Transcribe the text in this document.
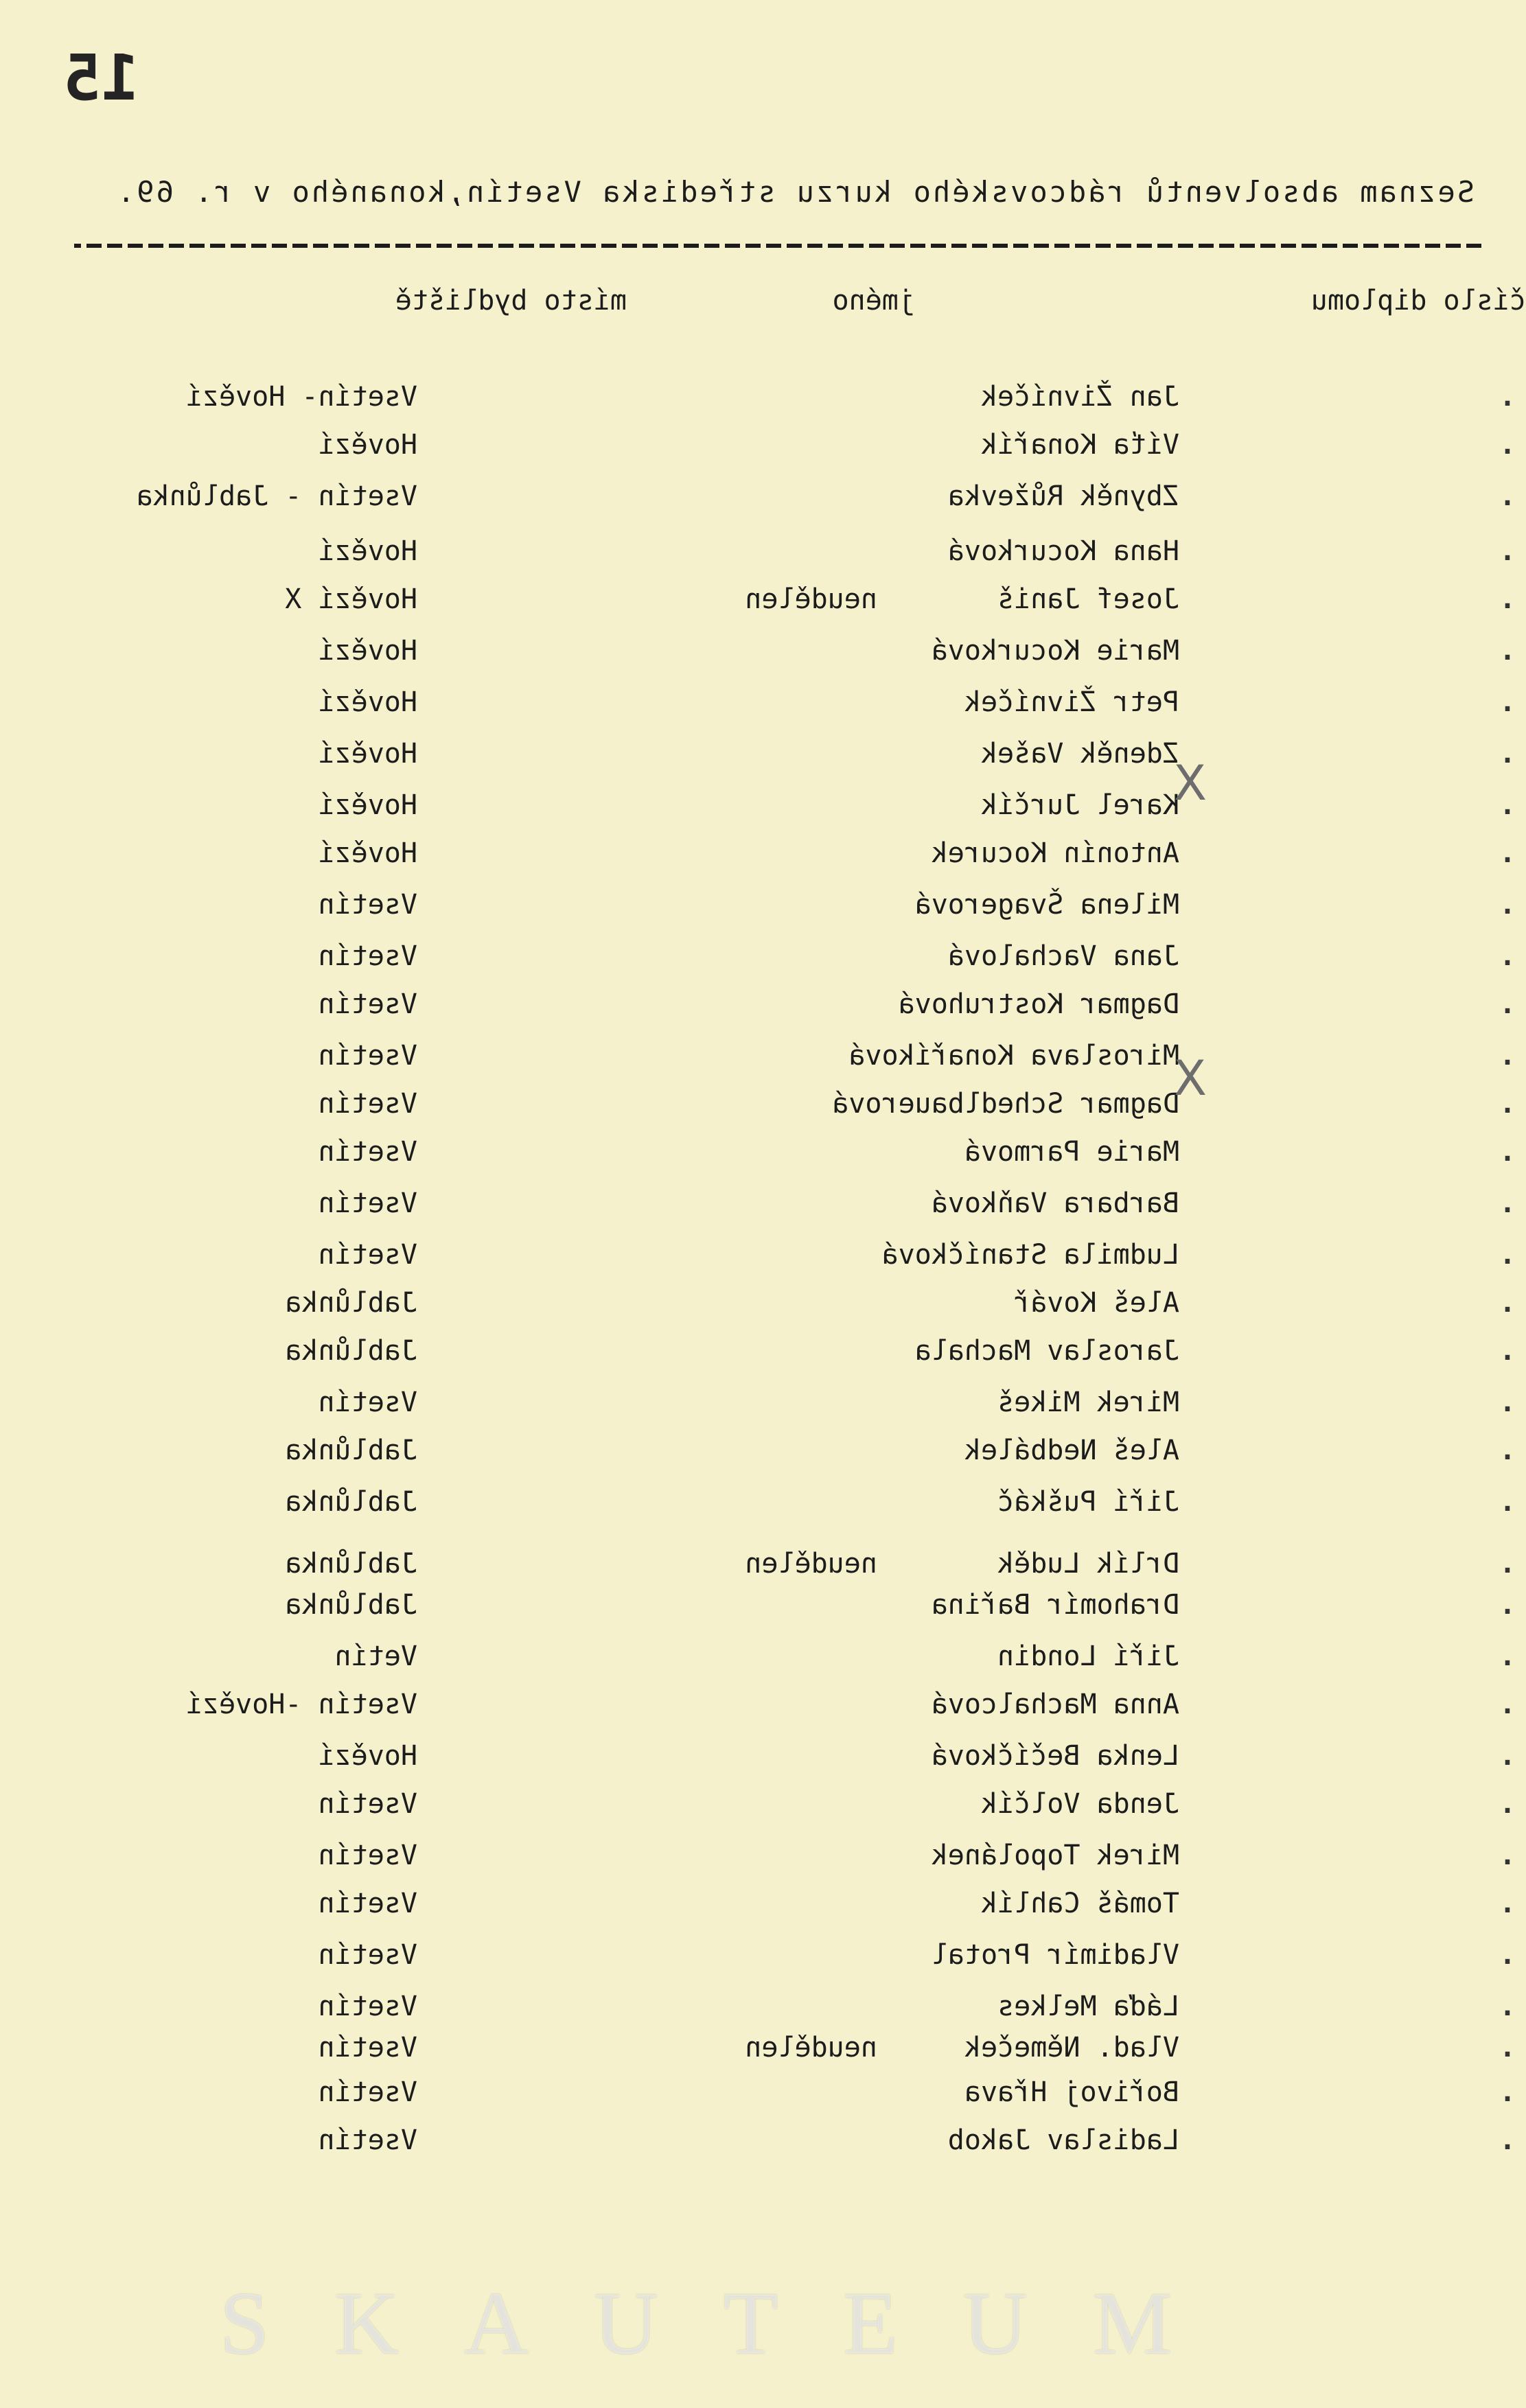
15
Seznam absolventů rádcovského kurzu střediska Vsetín,konaného v r. 69.
číslo diplomu
jméno
místo bydliště
.
Jan Živníček
Vsetín- Hovězí
.
Víťa Konařík
Hovězí
.
Zbyněk Růževka
Vsetín - Jablůnka
.
Hana Kocurková
Hovězí
.
Josef Janiš
neudělen
Hovězí X
.
Marie Kocurková
Hovězí
.
Petr Živníček
Hovězí
.
Zdeněk Vašek
Hovězí
.
Karel Jurčík
Hovězí
.
Antonín Kocurek
Hovězí
.
Milena Švagerová
Vsetín
.
Jana Vachalová
Vsetín
.
Dagmar Kostruhová
Vsetín
.
Miroslava Konaříková
Vsetín
.
Dagmar Schedlbauerová
Vsetín
.
Marie Parmová
Vsetín
.
Barbara Vaňková
Vsetín
.
Ludmila Staníčková
Vsetín
.
Aleš Kovář
Jablůnka
.
Jaroslav Machala
Jablůnka
.
Mirek Mikeš
Vsetín
.
Aleš Nedbálek
Jablůnka
.
Jiří Puškáč
Jablůnka
.
Drlík Luděk
neudělen
Jablůnka
.
Drahomír Bařina
Jablůnka
.
Jiří Londin
Vetín
.
Anna Machalcová
Vsetín -Hovězí
.
Lenka Bečíčková
Hovězí
.
Jenda Volčík
Vsetín
.
Mirek Topolánek
Vsetín
.
Tomáš Cahlík
Vsetín
.
Vladimír Protal
Vsetín
.
Láďa Melkes
Vsetín
.
Vlad. Němeček
neudělen
Vsetín
.
Bořivoj Hřava
Vsetín
.
Ladislav Jakob
Vsetín
X
X
SKAUTEUM
